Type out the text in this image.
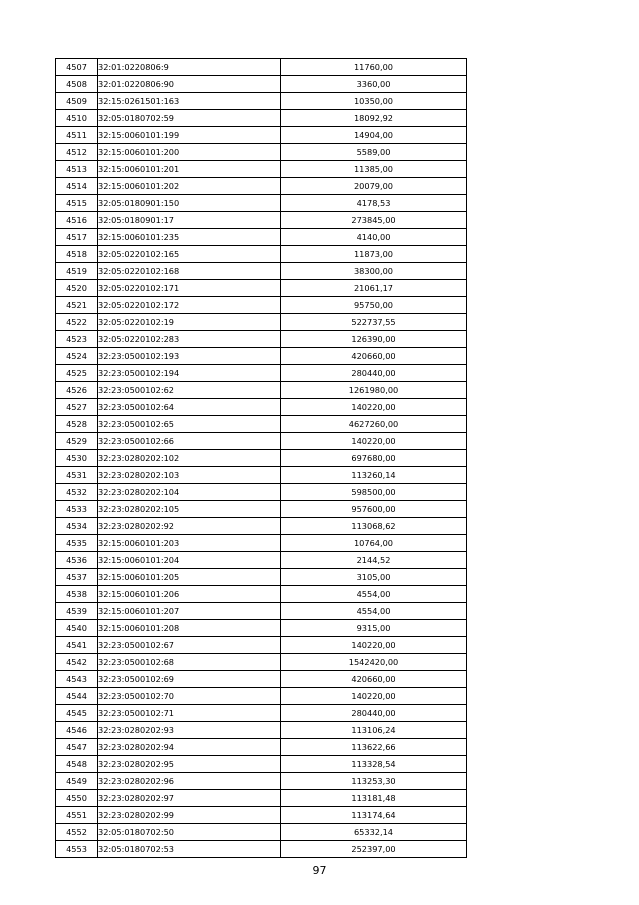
4507	32:01:0220806:9	11760,00
4508	32:01:0220806:90	3360,00
4509	32:15:0261501:163	10350,00
4510	32:05:0180702:59	18092,92
4511	32:15:0060101:199	14904,00
4512	32:15:0060101:200	5589,00
4513	32:15:0060101:201	11385,00
4514	32:15:0060101:202	20079,00
4515	32:05:0180901:150	4178,53
4516	32:05:0180901:17	273845,00
4517	32:15:0060101:235	4140,00
4518	32:05:0220102:165	11873,00
4519	32:05:0220102:168	38300,00
4520	32:05:0220102:171	21061,17
4521	32:05:0220102:172	95750,00
4522	32:05:0220102:19	522737,55
4523	32:05:0220102:283	126390,00
4524	32:23:0500102:193	420660,00
4525	32:23:0500102:194	280440,00
4526	32:23:0500102:62	1261980,00
4527	32:23:0500102:64	140220,00
4528	32:23:0500102:65	4627260,00
4529	32:23:0500102:66	140220,00
4530	32:23:0280202:102	697680,00
4531	32:23:0280202:103	113260,14
4532	32:23:0280202:104	598500,00
4533	32:23:0280202:105	957600,00
4534	32:23:0280202:92	113068,62
4535	32:15:0060101:203	10764,00
4536	32:15:0060101:204	2144,52
4537	32:15:0060101:205	3105,00
4538	32:15:0060101:206	4554,00
4539	32:15:0060101:207	4554,00
4540	32:15:0060101:208	9315,00
4541	32:23:0500102:67	140220,00
4542	32:23:0500102:68	1542420,00
4543	32:23:0500102:69	420660,00
4544	32:23:0500102:70	140220,00
4545	32:23:0500102:71	280440,00
4546	32:23:0280202:93	113106,24
4547	32:23:0280202:94	113622,66
4548	32:23:0280202:95	113328,54
4549	32:23:0280202:96	113253,30
4550	32:23:0280202:97	113181,48
4551	32:23:0280202:99	113174,64
4552	32:05:0180702:50	65332,14
4553	32:05:0180702:53	252397,00
97
